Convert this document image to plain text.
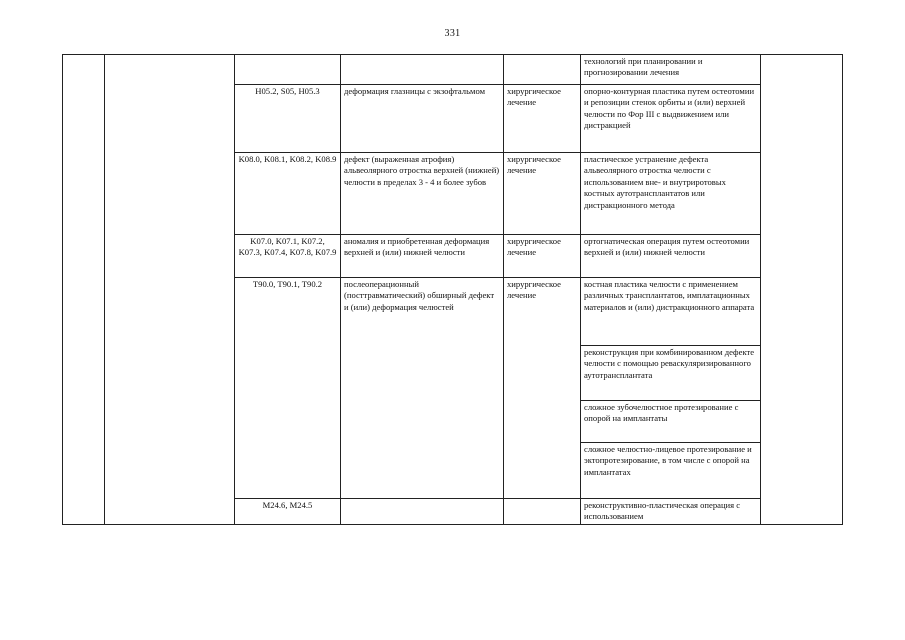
331
					технологий при планировании и прогнозировании лечения	
		H05.2, S05, H05.3	деформация глазницы с экзофтальмом	хирургическое лечение	опорно-контурная пластика путем остеотомии и репозиции стенок орбиты и (или) верхней челюсти по Фор III с выдвижением или дистракцией	
		K08.0, K08.1, K08.2, K08.9	дефект (выраженная атрофия) альвеолярного отростка верхней (нижней) челюсти в пределах 3 - 4 и более зубов	хирургическое лечение	пластическое устранение дефекта альвеолярного отростка челюсти с использованием вне- и внутриротовых костных аутотрансплантатов или дистракционного метода	
		K07.0, K07.1, K07.2, K07.3, K07.4, K07.8, K07.9	аномалия и приобретенная деформация верхней и (или) нижней челюсти	хирургическое лечение	ортогнатическая операция путем остеотомии верхней и (или) нижней челюсти	
		T90.0, T90.1, T90.2	послеоперационный (посттравматический) обширный дефект и (или) деформация челюстей	хирургическое лечение	костная пластика челюсти с применением различных трансплантатов, имплатационных материалов и (или) дистракционного аппарата	
					реконструкция при комбинированном дефекте челюсти с помощью реваскуляризированного аутотрансплантата	
					сложное зубочелюстное протезирование с опорой на имплантаты	
					сложное челюстно-лицевое протезирование и эктопротезирование, в том числе с опорой на имплантатах	
		M24.6, M24.5			реконструктивно-пластическая операция с использованием	
